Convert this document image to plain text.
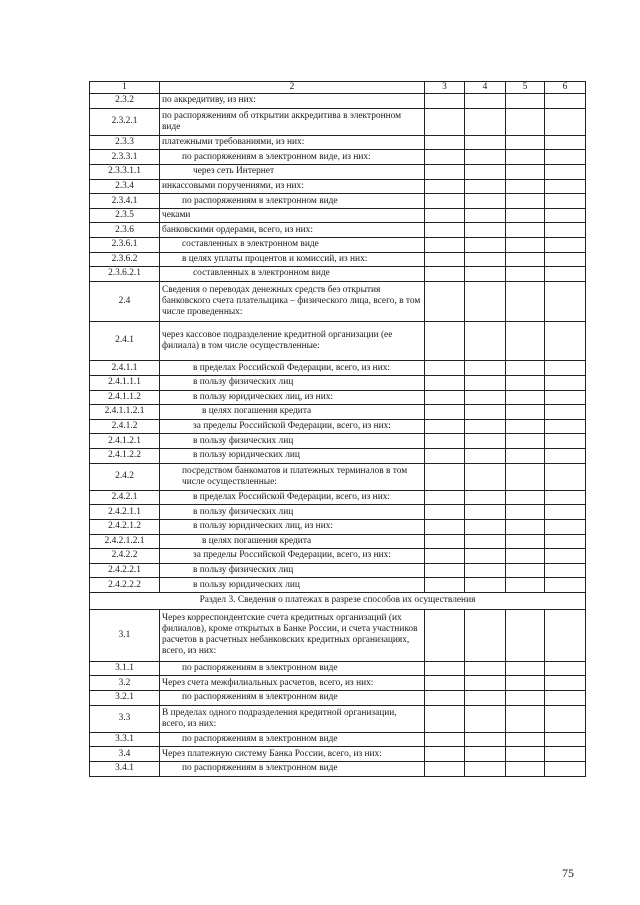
1	2	3	4	5	6
2.3.2	по аккредитиву, из них:				
2.3.2.1	по распоряжениям об открытии аккредитива в электронном виде				
2.3.3	платежными требованиями, из них:				
2.3.3.1	по распоряжениям в электронном виде, из них:				
2.3.3.1.1	через сеть Интернет				
2.3.4	инкассовыми поручениями, из них:				
2.3.4.1	по распоряжениям в электронном виде				
2.3.5	чеками				
2.3.6	банковскими ордерами, всего, из них:				
2.3.6.1	составленных в электронном виде				
2.3.6.2	в целях уплаты процентов и комиссий, из них:				
2.3.6.2.1	составленных в электронном виде				
2.4	Сведения о переводах денежных средств без открытия банковского счета плательщика – физического лица, всего, в том числе проведенных:				
2.4.1	через кассовое подразделение кредитной организации (ее филиала) в том числе осуществленные:				
2.4.1.1	в пределах Российской Федерации, всего, из них:				
2.4.1.1.1	в пользу физических лиц				
2.4.1.1.2	в пользу юридических лиц, из них:				
2.4.1.1.2.1	в целях погашения кредита				
2.4.1.2	за пределы Российской Федерации, всего, из них:				
2.4.1.2.1	в пользу физических лиц				
2.4.1.2.2	в пользу юридических лиц				
2.4.2	посредством банкоматов и платежных терминалов в том числе осуществленные:				
2.4.2.1	в пределах Российской Федерации, всего, из них:				
2.4.2.1.1	в пользу физических лиц				
2.4.2.1.2	в пользу юридических лиц, из них:				
2.4.2.1.2.1	в целях погашения кредита				
2.4.2.2	за пределы Российской Федерации, всего, из них:				
2.4.2.2.1	в пользу физических лиц				
2.4.2.2.2	в пользу юридических лиц				
Раздел 3. Сведения о платежах в разрезе способов их осуществления					
3.1	Через корреспондентские счета кредитных организаций (их филиалов), кроме открытых в Банке России, и счета участников расчетов в расчетных небанковских кредитных организациях, всего, из них:				
3.1.1	по распоряжениям в электронном виде				
3.2	Через счета межфилиальных расчетов, всего, из них:				
3.2.1	по распоряжениям в электронном виде				
3.3	В пределах одного подразделения кредитной организации, всего, из них:				
3.3.1	по распоряжениям в электронном виде				
3.4	Через платежную систему Банка России, всего, из них:				
3.4.1	по распоряжениям в электронном виде				
75
